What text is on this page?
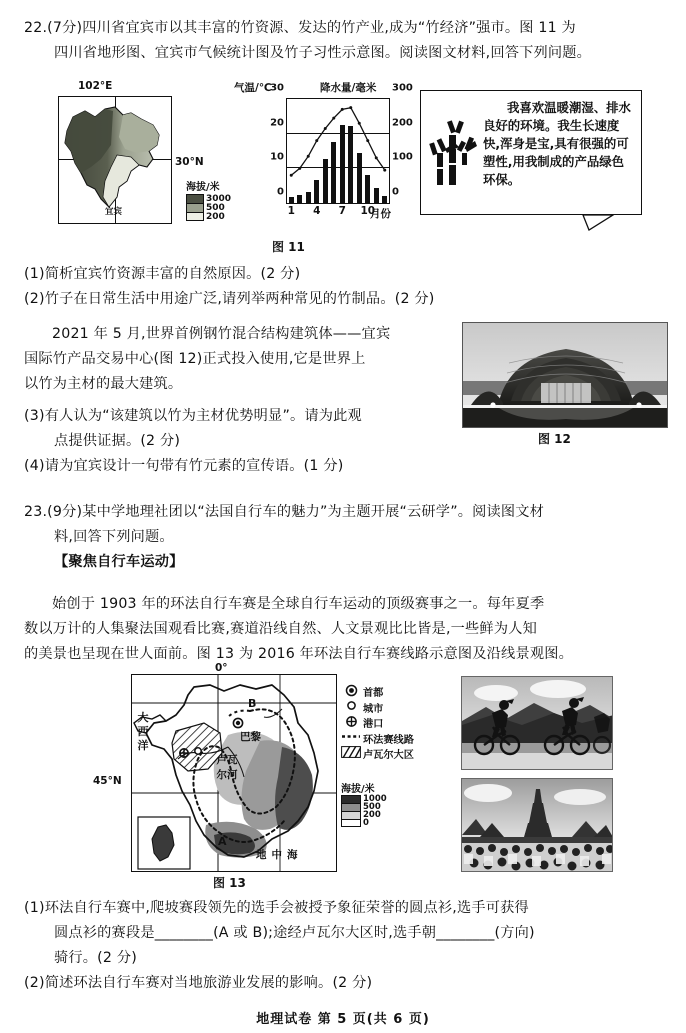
22.(7分)四川省宜宾市以其丰富的竹资源、发达的竹产业,成为“竹经济”强市。图 11 为
四川省地形图、宜宾市气候统计图及竹子习性示意图。阅读图文材料,回答下列问题。
102°E
宜宾
30°N
海拔/米
3000
500
200
气温/℃	降水量/毫米
0
10
20
30
0
100
200
300
1 4 7 10
月份
图 11
我喜欢温暖潮湿、排水良好的环境。我生长速度快,浑身是宝,具有很强的可塑性,用我制成的产品绿色环保。
(1)简析宜宾竹资源丰富的自然原因。(2 分)
(2)竹子在日常生活中用途广泛,请列举两种常见的竹制品。(2 分)
2021 年 5 月,世界首例钢竹混合结构建筑体——宜宾
国际竹产品交易中心(图 12)正式投入使用,它是世界上
以竹为主材的最大建筑。
图 12
(3)有人认为“该建筑以竹为主材优势明显”。请为此观
点提供证据。(2 分)
(4)请为宜宾设计一句带有竹元素的宣传语。(1 分)
23.(9分)某中学地理社团以“法国自行车的魅力”为主题开展“云研学”。阅读图文材
料,回答下列问题。
【聚焦自行车运动】
始创于 1903 年的环法自行车赛是全球自行车运动的顶级赛事之一。每年夏季
数以万计的人集聚法国观看比赛,赛道沿线自然、人文景观比比皆是,一些鲜为人知
的美景也呈现在世人面前。图 13 为 2016 年环法自行车赛线路示意图及沿线景观图。
0°
45°N
大西洋
巴黎
B
A
卢瓦尔河
地中海
首都
城市
港口
环法赛线路
卢瓦尔大区
海拔/米
1000
500
200
0
图 13
(1)环法自行车赛中,爬坡赛段领先的选手会被授予象征荣誉的圆点衫,选手可获得
圆点衫的赛段是________(A 或 B);途经卢瓦尔大区时,选手朝________(方向)
骑行。(2 分)
(2)简述环法自行车赛对当地旅游业发展的影响。(2 分)
地理试卷 第 5 页(共 6 页)
